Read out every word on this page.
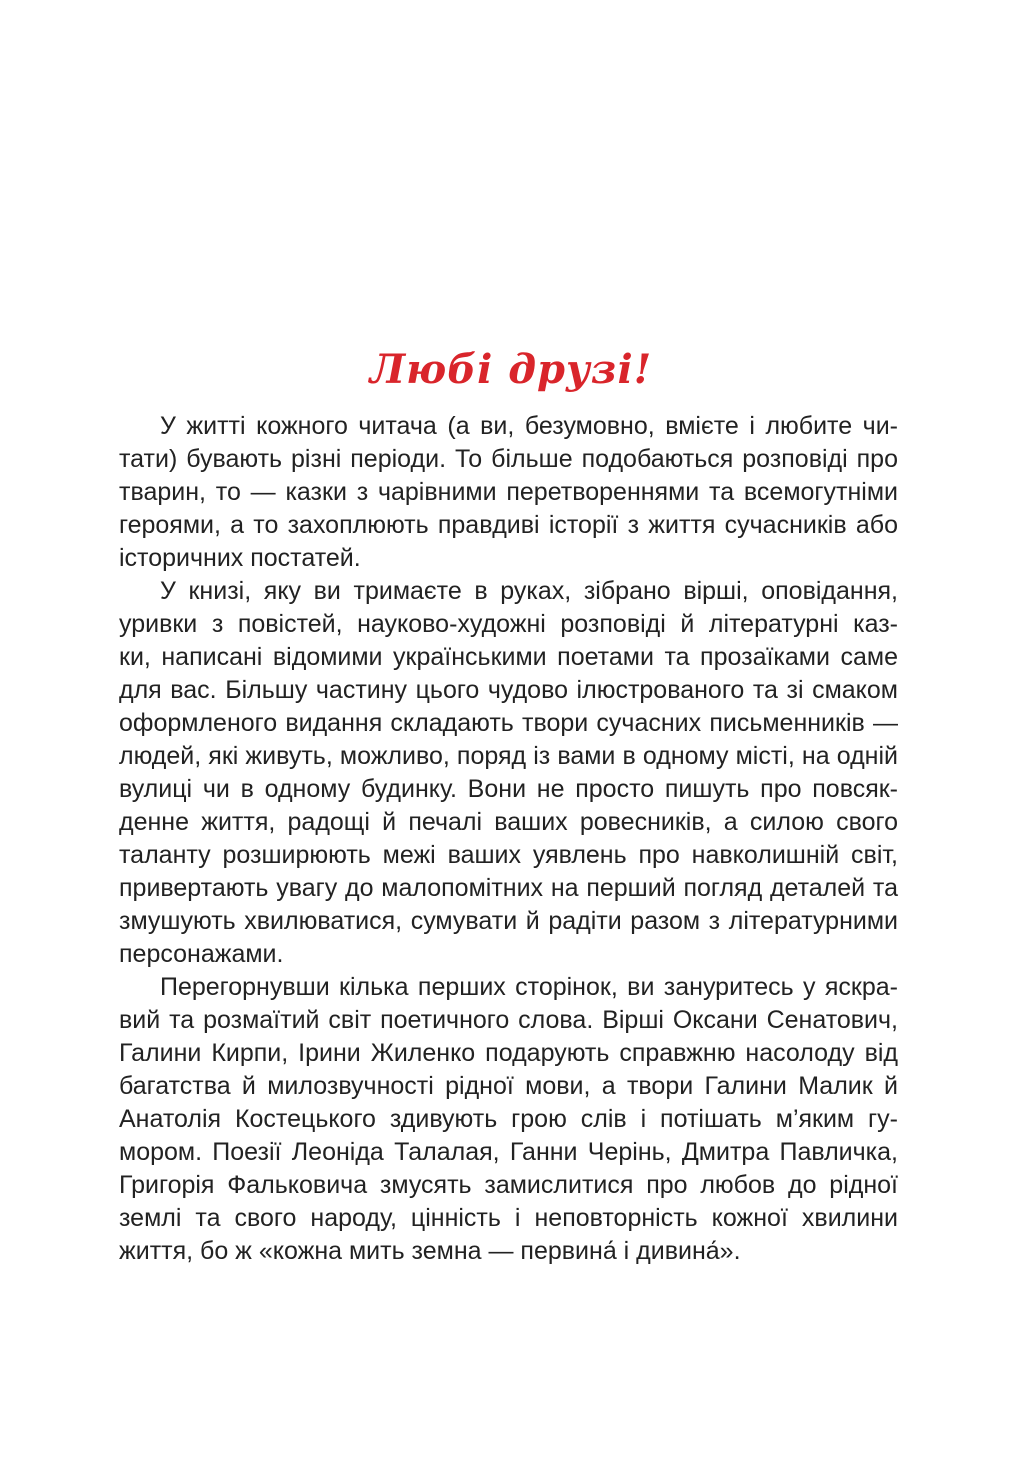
Любі друзі!
У житті кожного читача (а ви, безумовно, вмієте і любите чи-
тати) бувають різні періоди. То більше подобаються розповіді про
тварин, то — казки з чарівними перетвореннями та всемогутніми
героями, а то захоплюють правдиві історії з життя сучасників або
історичних постатей.
У книзі, яку ви тримаєте в руках, зібрано вірші, оповідання,
уривки з повістей, науково-художні розповіді й літературні каз-
ки, написані відомими українськими поетами та прозаїками саме
для вас. Більшу частину цього чудово ілюстрованого та зі смаком
оформленого видання складають твори сучасних письменників —
людей, які живуть, можливо, поряд із вами в одному місті, на одній
вулиці чи в одному будинку. Вони не просто пишуть про повсяк-
денне життя, радощі й печалі ваших ровесників, а силою свого
таланту розширюють межі ваших уявлень про навколишній світ,
привертають увагу до малопомітних на перший погляд деталей та
змушують хвилюватися, сумувати й радіти разом з літературними
персонажами.
Перегорнувши кілька перших сторінок, ви зануритесь у яскра-
вий та розмаїтий світ поетичного слова. Вірші Оксани Сенатович,
Галини Кирпи, Ірини Жиленко подарують справжню насолоду від
багатства й милозвучності рідної мови, а твори Галини Малик й
Анатолія Костецького здивують грою слів і потішать м’яким гу-
мором. Поезії Леоніда Талалая, Ганни Черінь, Дмитра Павличка,
Григорія Фальковича змусять замислитися про любов до рідної
землі та свого народу, цінність і неповторність кожної хвилини
життя, бо ж «кожна мить земна — первина́ і дивина́».
